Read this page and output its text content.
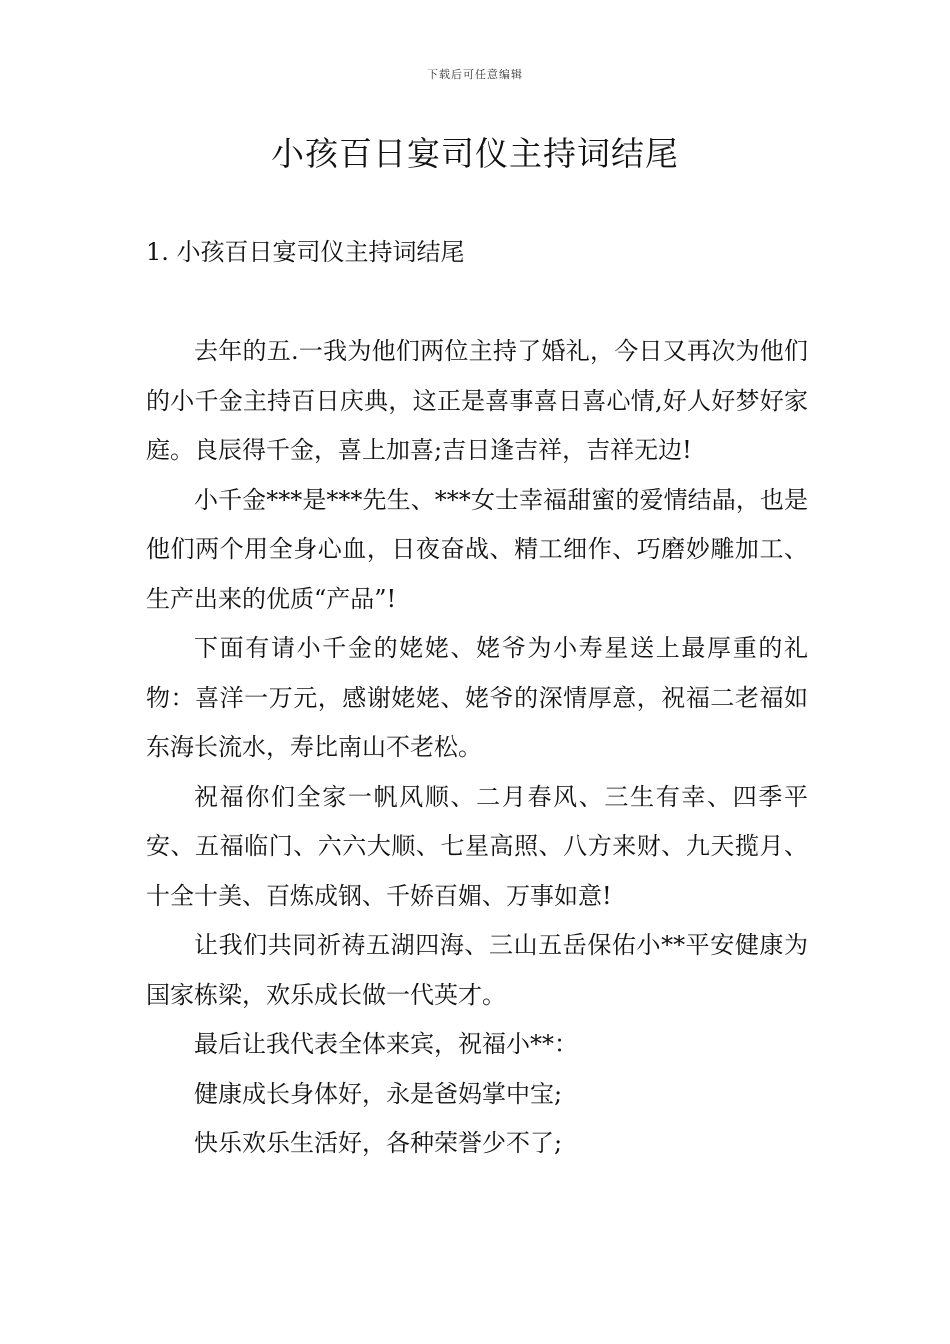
下载后可任意编辑
小孩百日宴司仪主持词结尾
1. 小孩百日宴司仪主持词结尾

去年的五.一我为他们两位主持了婚礼，今日又再次为他们的小千金主持百日庆典，这正是喜事喜日喜心情,好人好梦好家庭。良辰得千金，喜上加喜;吉日逢吉祥，吉祥无边!

小千金***是***先生、***女士幸福甜蜜的爱情结晶，也是他们两个用全身心血，日夜奋战、精工细作、巧磨妙雕加工、生产出来的优质“产品”!

下面有请小千金的姥姥、姥爷为小寿星送上最厚重的礼物：喜洋一万元，感谢姥姥、姥爷的深情厚意，祝福二老福如东海长流水，寿比南山不老松。

祝福你们全家一帆风顺、二月春风、三生有幸、四季平安、五福临门、六六大顺、七星高照、八方来财、九天揽月、十全十美、百炼成钢、千娇百媚、万事如意!

让我们共同祈祷五湖四海、三山五岳保佑小**平安健康为国家栋梁，欢乐成长做一代英才。

最后让我代表全体来宾，祝福小**：

健康成长身体好，永是爸妈掌中宝;

快乐欢乐生活好，各种荣誉少不了;
